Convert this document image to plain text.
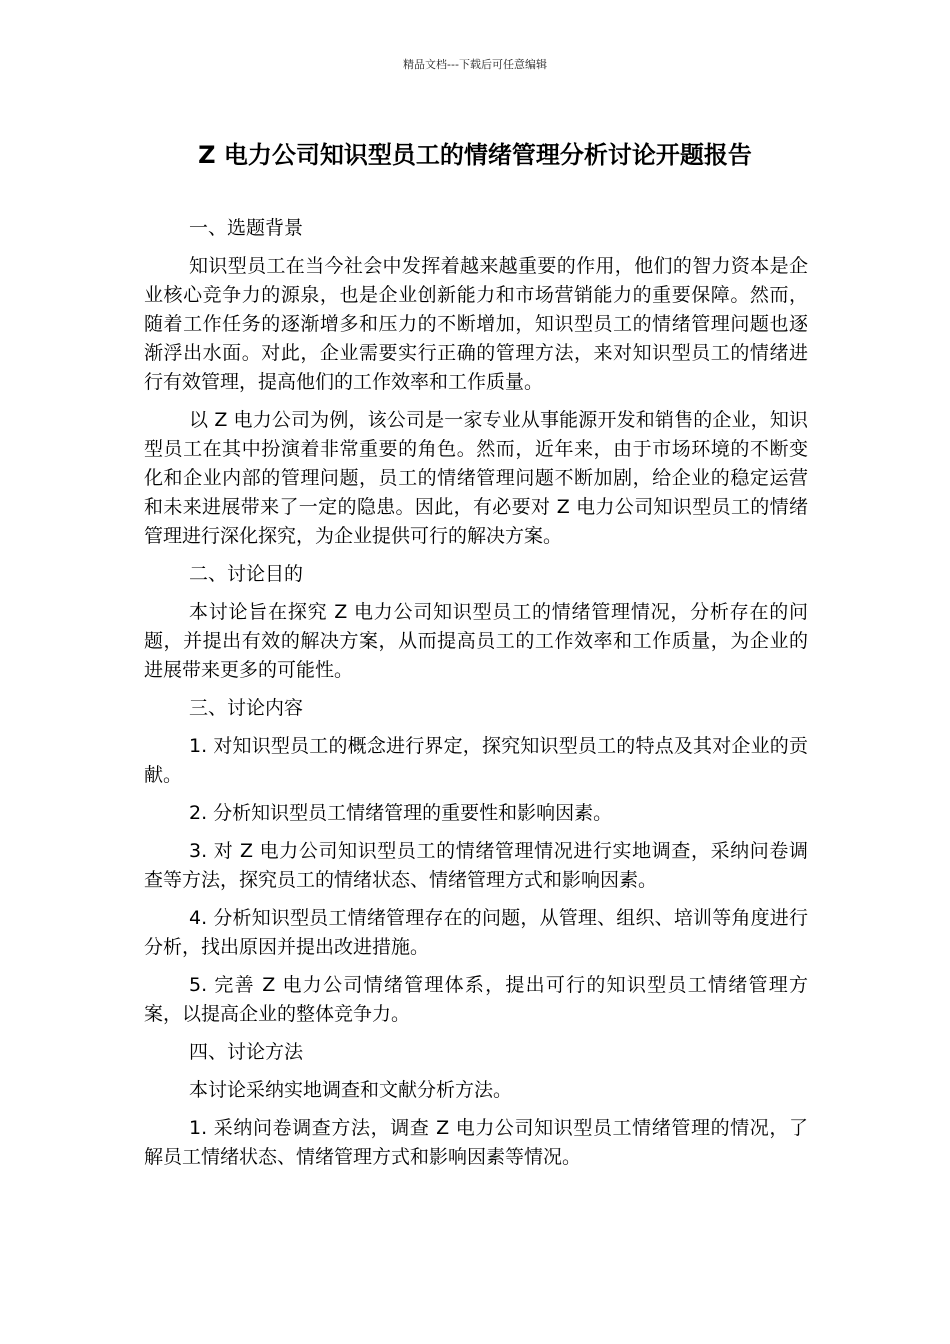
精品文档---下载后可任意编辑
Z 电力公司知识型员工的情绪管理分析讨论开题报告

一、选题背景

知识型员工在当今社会中发挥着越来越重要的作用，他们的智力资本是企业核心竞争力的源泉，也是企业创新能力和市场营销能力的重要保障。然而，随着工作任务的逐渐增多和压力的不断增加，知识型员工的情绪管理问题也逐渐浮出水面。对此，企业需要实行正确的管理方法，来对知识型员工的情绪进行有效管理，提高他们的工作效率和工作质量。

以 Z 电力公司为例，该公司是一家专业从事能源开发和销售的企业，知识型员工在其中扮演着非常重要的角色。然而，近年来，由于市场环境的不断变化和企业内部的管理问题，员工的情绪管理问题不断加剧，给企业的稳定运营和未来进展带来了一定的隐患。因此，有必要对 Z 电力公司知识型员工的情绪管理进行深化探究，为企业提供可行的解决方案。

二、讨论目的

本讨论旨在探究 Z 电力公司知识型员工的情绪管理情况，分析存在的问题，并提出有效的解决方案，从而提高员工的工作效率和工作质量，为企业的进展带来更多的可能性。

三、讨论内容

1. 对知识型员工的概念进行界定，探究知识型员工的特点及其对企业的贡献。

2. 分析知识型员工情绪管理的重要性和影响因素。

3. 对 Z 电力公司知识型员工的情绪管理情况进行实地调查，采纳问卷调查等方法，探究员工的情绪状态、情绪管理方式和影响因素。

4. 分析知识型员工情绪管理存在的问题，从管理、组织、培训等角度进行分析，找出原因并提出改进措施。

5. 完善 Z 电力公司情绪管理体系，提出可行的知识型员工情绪管理方案，以提高企业的整体竞争力。

四、讨论方法

本讨论采纳实地调查和文献分析方法。

1. 采纳问卷调查方法，调查 Z 电力公司知识型员工情绪管理的情况，了解员工情绪状态、情绪管理方式和影响因素等情况。
